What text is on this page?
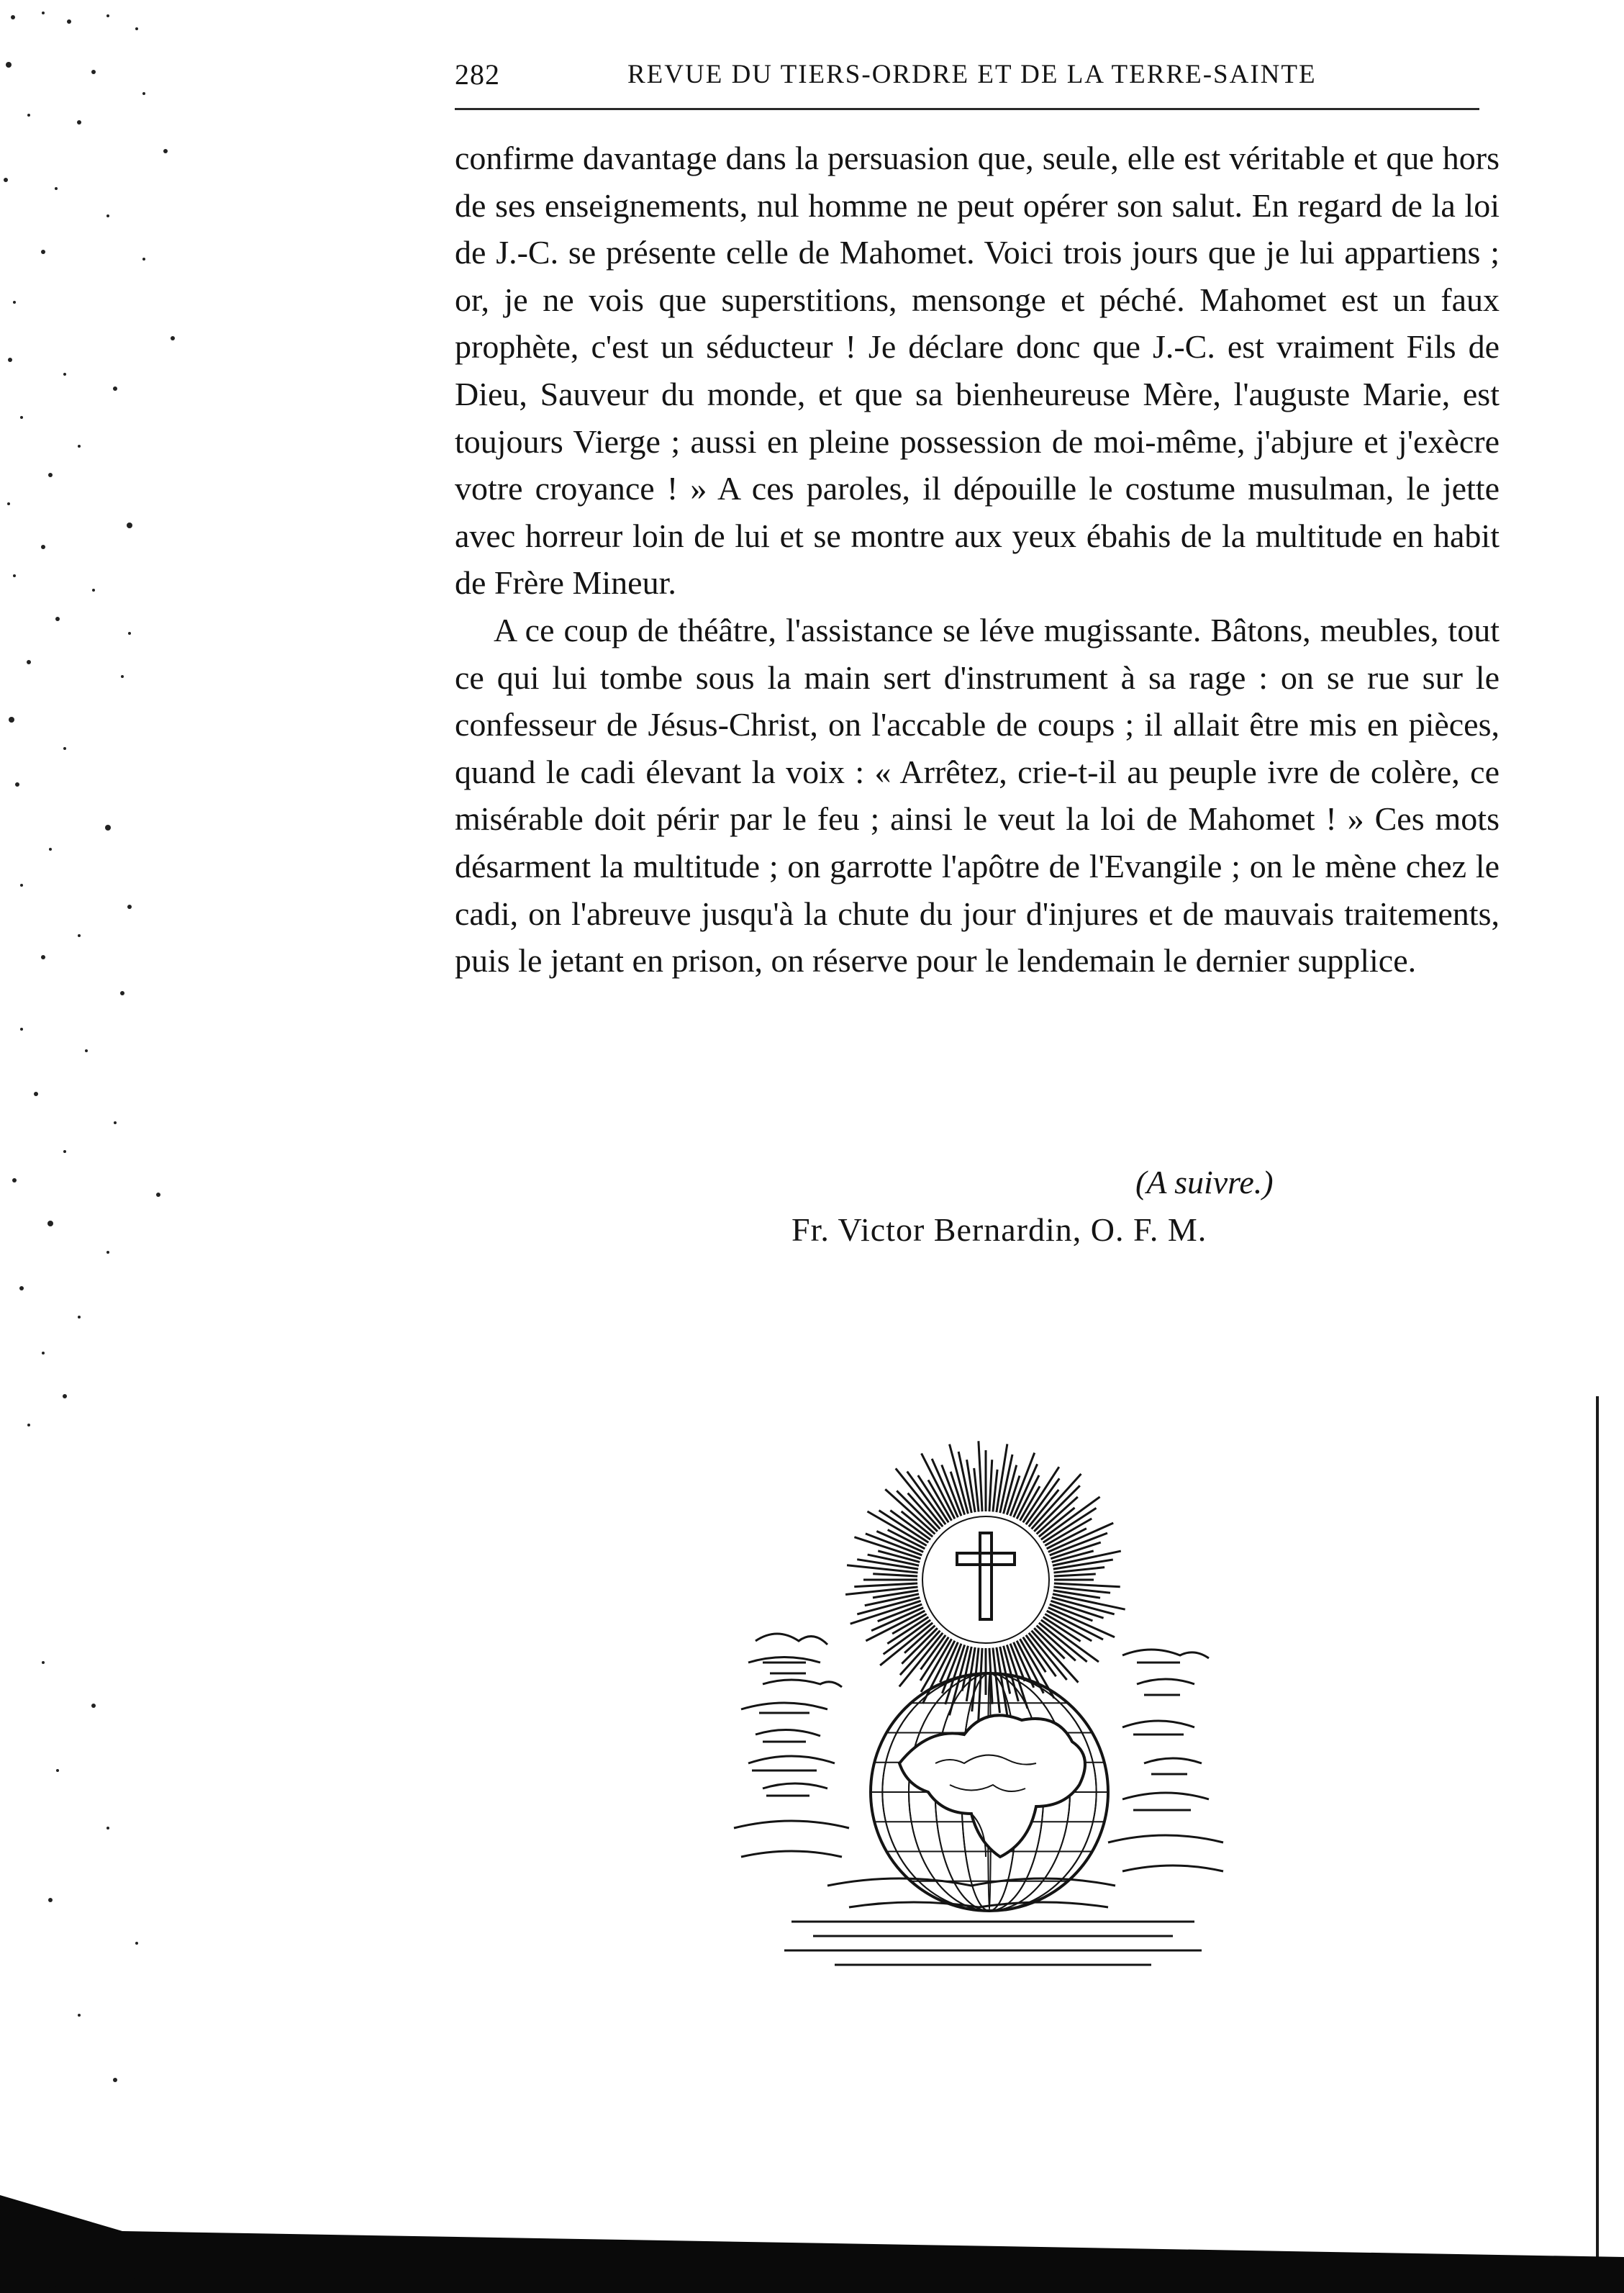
282	REVUE DU TIERS-ORDRE ET DE LA TERRE-SAINTE

confirme davantage dans la persuasion que, seule, elle est véritable et que hors de ses enseignements, nul homme ne peut opérer son salut. En regard de la loi de J.-C. se présente celle de Mahomet. Voici trois jours que je lui appartiens ; or, je ne vois que superstitions, mensonge et péché. Mahomet est un faux prophète, c'est un séducteur ! Je déclare donc que J.-C. est vraiment Fils de Dieu, Sauveur du monde, et que sa bienheureuse Mère, l'auguste Marie, est toujours Vierge ; aussi en pleine possession de moi-même, j'abjure et j'exècre votre croyance ! » A ces paroles, il dépouille le costume musulman, le jette avec horreur loin de lui et se montre aux yeux ébahis de la multitude en habit de Frère Mineur.

A ce coup de théâtre, l'assistance se léve mugissante. Bâtons, meubles, tout ce qui lui tombe sous la main sert d'instrument à sa rage : on se rue sur le confesseur de Jésus-Christ, on l'accable de coups ; il allait être mis en pièces, quand le cadi élevant la voix : « Arrêtez, crie-t-il au peuple ivre de colère, ce misérable doit périr par le feu ; ainsi le veut la loi de Mahomet ! » Ces mots désarment la multitude ; on garrotte l'apôtre de l'Evangile ; on le mène chez le cadi, on l'abreuve jusqu'à la chute du jour d'injures et de mauvais traitements, puis le jetant en prison, on réserve pour le lendemain le dernier supplice.

(A suivre.)
Fr. Victor Bernardin, O. F. M.
